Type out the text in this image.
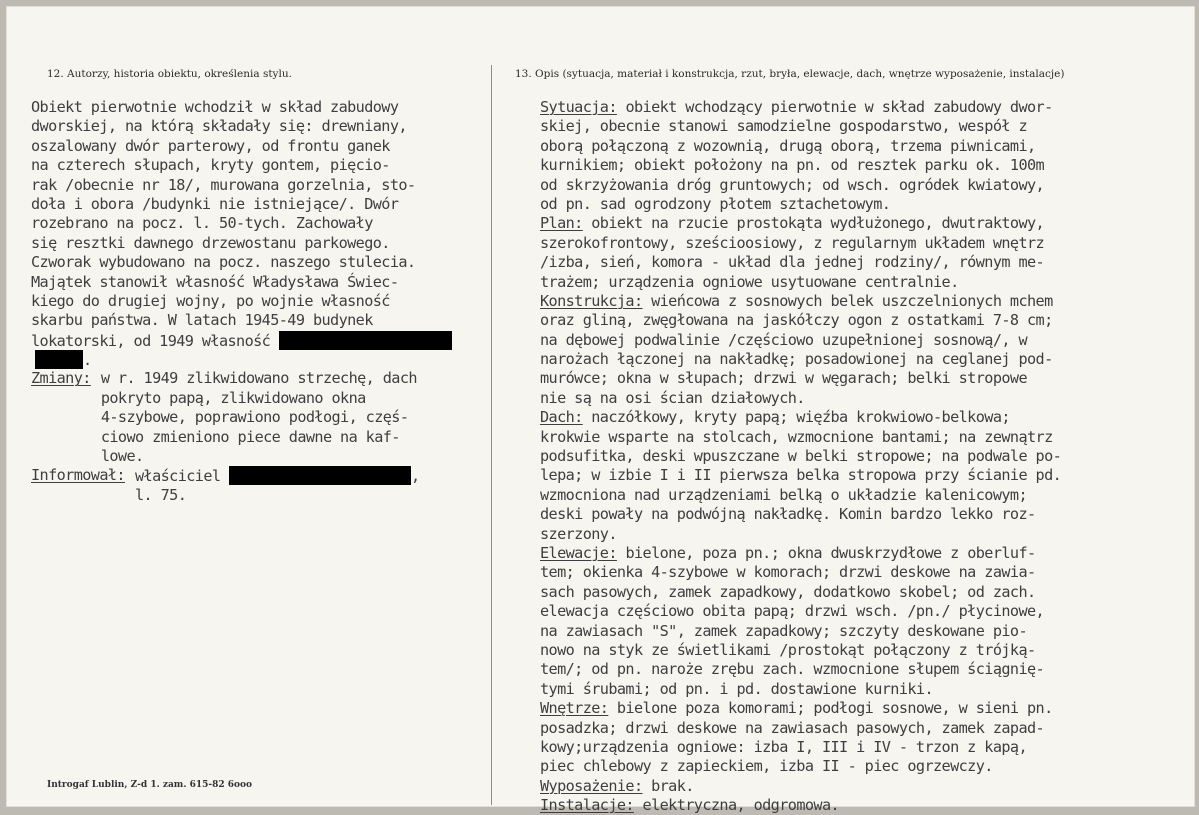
12. Autorzy, historia obiektu, określenia stylu.	13. Opis (sytuacja, materiał i konstrukcja, rzut, bryła, elewacje, dach, wnętrze wyposażenie, instalacje)
Obiekt pierwotnie wchodził w skład zabudowy
dworskiej, na którą składały się: drewniany,
oszalowany dwór parterowy, od frontu ganek
na czterech słupach, kryty gontem, pięcio-
rak /obecnie nr 18/, murowana gorzelnia, sto-
doła i obora /budynki nie istniejące/. Dwór
rozebrano na pocz. l. 50-tych. Zachowały
się resztki dawnego drzewostanu parkowego.
Czworak wybudowano na pocz. naszego stulecia.
Majątek stanowił własność Władysława Świec-
kiego do drugiej wojny, po wojnie własność
skarbu państwa. W latach 1945-49 budynek
lokatorski, od 1949 własność
.
Zmiany: w r. 1949 zlikwidowano strzechę, dach
pokryto papą, zlikwidowano okna
4-szybowe, poprawiono podłogi, częś-
ciowo zmieniono piece dawne na kaf-
lowe.
Informował: właściciel	,
l. 75.
Sytuacja: obiekt wchodzący pierwotnie w skład zabudowy dwor-
skiej, obecnie stanowi samodzielne gospodarstwo, wespół z
oborą połączoną z wozownią, drugą oborą, trzema piwnicami,
kurnikiem; obiekt położony na pn. od resztek parku ok. 100m
od skrzyżowania dróg gruntowych; od wsch. ogródek kwiatowy,
od pn. sad ogrodzony płotem sztachetowym.
Plan: obiekt na rzucie prostokąta wydłużonego, dwutraktowy,
szerokofrontowy, sześcioosiowy, z regularnym układem wnętrz
/izba, sień, komora - układ dla jednej rodziny/, równym me-
trażem; urządzenia ogniowe usytuowane centralnie.
Konstrukcja: wieńcowa z sosnowych belek uszczelnionych mchem
oraz gliną, zwęgłowana na jaskółczy ogon z ostatkami 7-8 cm;
na dębowej podwalinie /częściowo uzupełnionej sosnową/, w
narożach łączonej na nakładkę; posadowionej na ceglanej pod-
murówce; okna w słupach; drzwi w węgarach; belki stropowe
nie są na osi ścian działowych.
Dach: naczółkowy, kryty papą; więźba krokwiowo-belkowa;
krokwie wsparte na stolcach, wzmocnione bantami; na zewnątrz
podsufitka, deski wpuszczane w belki stropowe; na podwale po-
lepa; w izbie I i II pierwsza belka stropowa przy ścianie pd.
wzmocniona nad urządzeniami belką o układzie kalenicowym;
deski powały na podwójną nakładkę. Komin bardzo lekko roz-
szerzony.
Elewacje: bielone, poza pn.; okna dwuskrzydłowe z oberluf-
tem; okienka 4-szybowe w komorach; drzwi deskowe na zawia-
sach pasowych, zamek zapadkowy, dodatkowo skobel; od zach.
elewacja częściowo obita papą; drzwi wsch. /pn./ płycinowe,
na zawiasach "S", zamek zapadkowy; szczyty deskowane pio-
nowo na styk ze świetlikami /prostokąt połączony z trójką-
tem/; od pn. naroże zrębu zach. wzmocnione słupem ściągnię-
tymi śrubami; od pn. i pd. dostawione kurniki.
Wnętrze: bielone poza komorami; podłogi sosnowe, w sieni pn.
posadzka; drzwi deskowe na zawiasach pasowych, zamek zapad-
kowy;urządzenia ogniowe: izba I, III i IV - trzon z kapą,
piec chlebowy z zapieckiem, izba II - piec ogrzewczy.
Wyposażenie: brak.
Instalacje: elektryczna, odgromowa.
Introgaf Lublin, Z-d 1. zam. 615-82 6ooo
